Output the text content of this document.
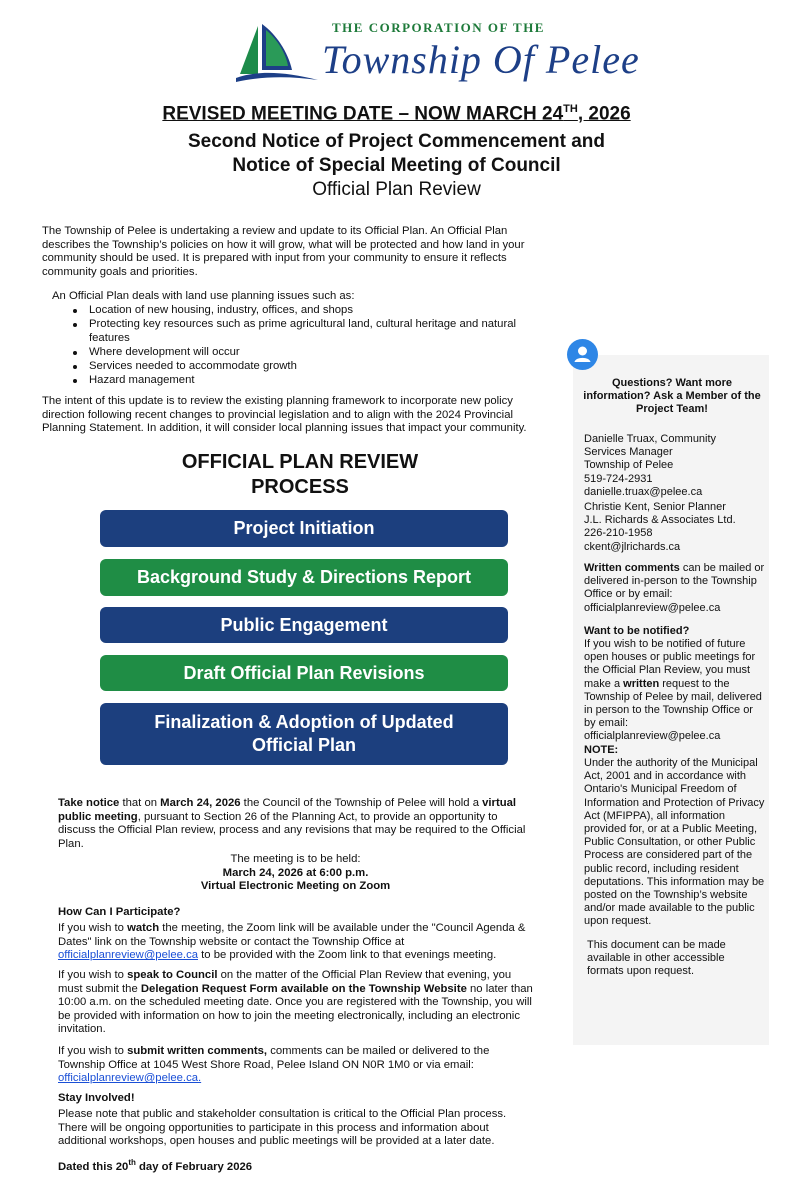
THE CORPORATION OF THE
Township Of Pelee
REVISED MEETING DATE – NOW MARCH 24TH, 2026
Second Notice of Project Commencement and
Notice of Special Meeting of Council
Official Plan Review

The Township of Pelee is undertaking a review and update to its Official Plan. An Official Plan describes the Township’s policies on how it will grow, what will be protected and how land in your community should be used. It is prepared with input from your community to ensure it reflects community goals and priorities.

An Official Plan deals with land use planning issues such as:

Location of new housing, industry, offices, and shops
Protecting key resources such as prime agricultural land, cultural heritage and natural features
Where development will occur
Services needed to accommodate growth
Hazard management

The intent of this update is to review the existing planning framework to incorporate new policy direction following recent changes to provincial legislation and to align with the 2024 Provincial Planning Statement. In addition, it will consider local planning issues that impact your community.

OFFICIAL PLAN REVIEW
PROCESS
Project Initiation
Background Study & Directions Report
Public Engagement
Draft Official Plan Revisions
Finalization & Adoption of Updated
Official Plan

Take notice that on March 24, 2026 the Council of the Township of Pelee will hold a virtual public meeting, pursuant to Section 26 of the Planning Act, to provide an opportunity to discuss the Official Plan review, process and any revisions that may be required to the Official Plan.

The meeting is to be held:
March 24, 2026 at 6:00 p.m.
Virtual Electronic Meeting on Zoom
How Can I Participate?

If you wish to watch the meeting, the Zoom link will be available under the "Council Agenda & Dates" link on the Township website or contact the Township Office at officialplanreview@pelee.ca to be provided with the Zoom link to that evenings meeting.

If you wish to speak to Council on the matter of the Official Plan Review that evening, you must submit the Delegation Request Form available on the Township Website no later than 10:00 a.m. on the scheduled meeting date. Once you are registered with the Township, you will be provided with information on how to join the meeting electronically, including an electronic invitation.

If you wish to submit written comments, comments can be mailed or delivered to the Township Office at 1045 West Shore Road, Pelee Island ON N0R 1M0 or via email: officialplanreview@pelee.ca.

Stay Involved!

Please note that public and stakeholder consultation is critical to the Official Plan process. There will be ongoing opportunities to participate in this process and information about additional workshops, open houses and public meetings will be provided at a later date.

Dated this 20th day of February 2026
Questions? Want more information? Ask a Member of the Project Team!
Danielle Truax, Community
Services Manager
Township of Pelee
519-724-2931
danielle.truax@pelee.ca
Christie Kent, Senior Planner
J.L. Richards & Associates Ltd.
226-210-1958
ckent@jlrichards.ca

Written comments can be mailed or delivered in-person to the Township Office or by email: officialplanreview@pelee.ca

Want to be notified?

If you wish to be notified of future open houses or public meetings for the Official Plan Review, you must make a written request to the Township of Pelee by mail, delivered in person to the Township Office or by email: officialplanreview@pelee.ca

NOTE:

Under the authority of the Municipal Act, 2001 and in accordance with Ontario's Municipal Freedom of Information and Protection of Privacy Act (MFIPPA), all information provided for, or at a Public Meeting, Public Consultation, or other Public Process are considered part of the public record, including resident deputations. This information may be posted on the Township’s website and/or made available to the public upon request.

This document can be made available in other accessible formats upon request.
